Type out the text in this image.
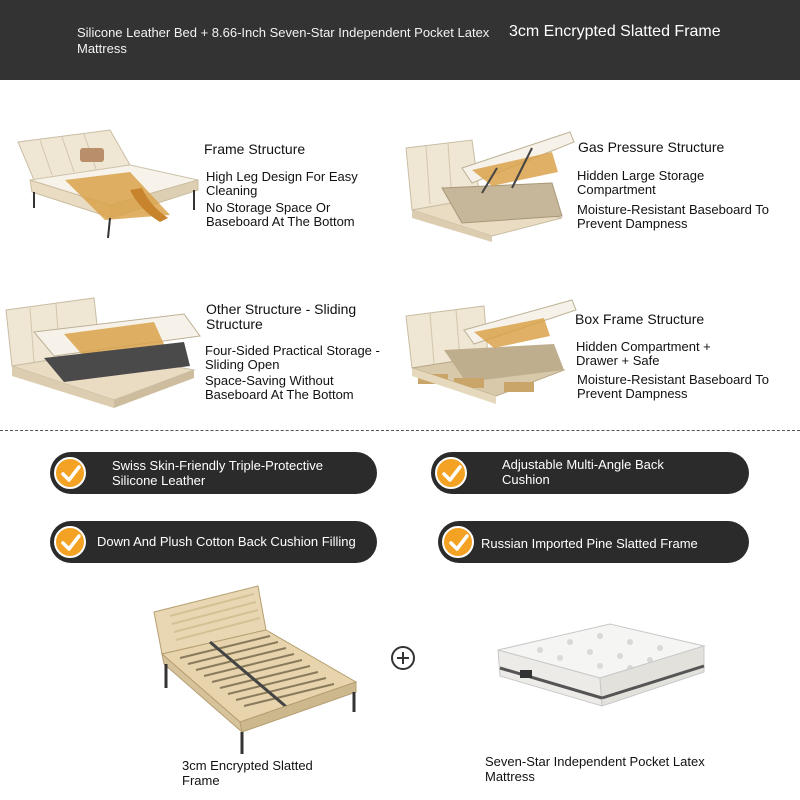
Silicone Leather Bed + 8.66-Inch Seven-Star Independent Pocket Latex Mattress
3cm Encrypted Slatted Frame
Frame Structure
High Leg Design For Easy Cleaning
No Storage Space Or Baseboard At The Bottom
Gas Pressure Structure
Hidden Large Storage Compartment
Moisture-Resistant Baseboard To Prevent Dampness
Other Structure - Sliding Structure
Four-Sided Practical Storage - Sliding Open
Space-Saving Without Baseboard At The Bottom
Box Frame Structure
Hidden Compartment + Drawer + Safe
Moisture-Resistant Baseboard To Prevent Dampness
Swiss Skin-Friendly Triple-Protective Silicone Leather
Adjustable Multi-Angle Back Cushion
Down And Plush Cotton Back Cushion Filling	Russian Imported Pine Slatted Frame
3cm Encrypted Slatted Frame
Seven-Star Independent Pocket Latex Mattress
